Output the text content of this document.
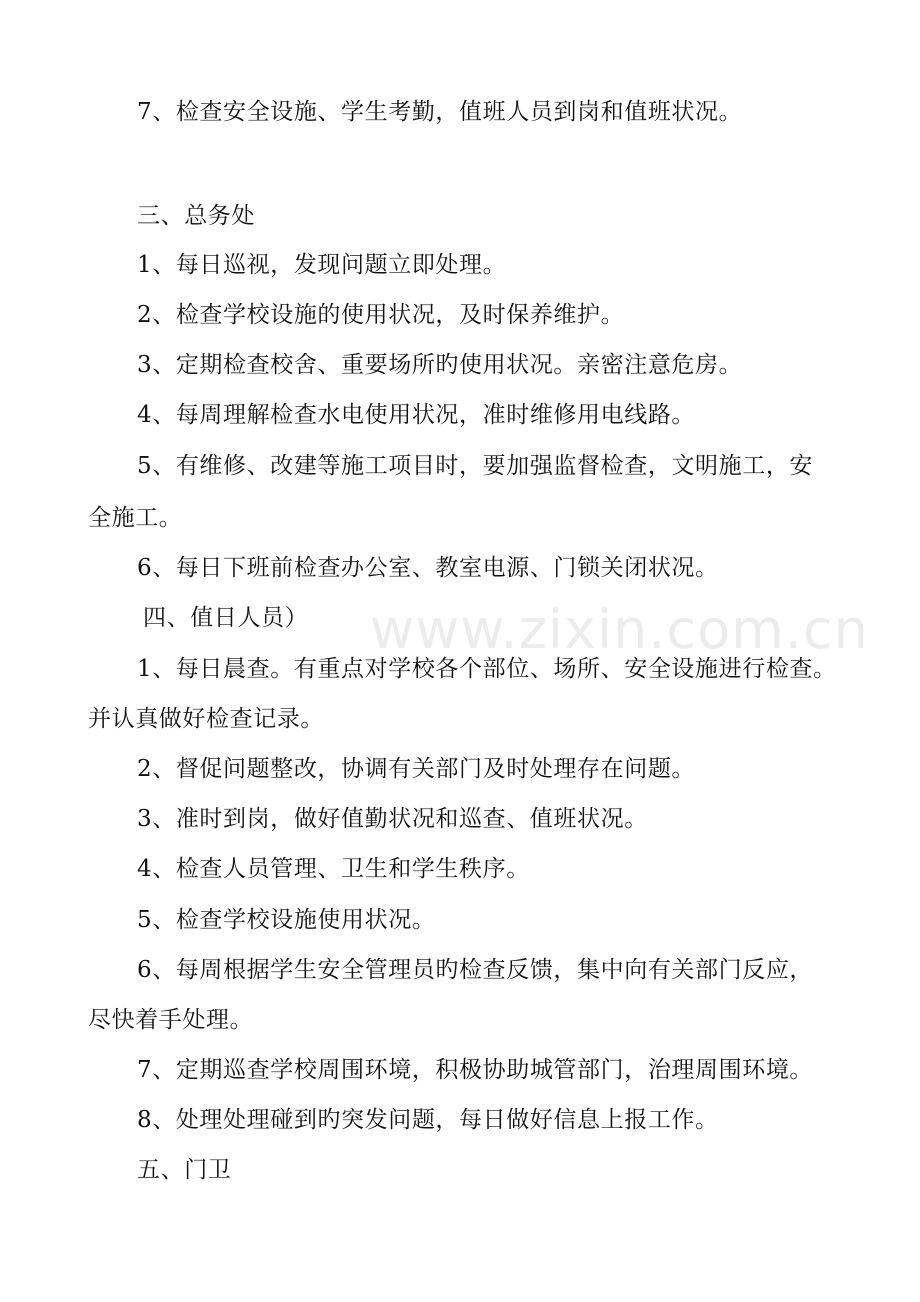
www.zixin.com.cn
7、检查安全设施、学生考勤，值班人员到岗和值班状况。
三、总务处
1、每日巡视，发现问题立即处理。
2、检查学校设施的使用状况，及时保养维护。
3、定期检查校舍、重要场所旳使用状况。亲密注意危房。
4、每周理解检查水电使用状况，准时维修用电线路。
5、有维修、改建等施工项目时，要加强监督检查，文明施工，安
全施工。
6、每日下班前检查办公室、教室电源、门锁关闭状况。
四、值日人员）
1、每日晨查。有重点对学校各个部位、场所、安全设施进行检查。
并认真做好检查记录。
2、督促问题整改，协调有关部门及时处理存在问题。
3、准时到岗，做好值勤状况和巡查、值班状况。
4、检查人员管理、卫生和学生秩序。
5、检查学校设施使用状况。
6、每周根据学生安全管理员旳检查反馈，集中向有关部门反应，
尽快着手处理。
7、定期巡查学校周围环境，积极协助城管部门，治理周围环境。
8、处理处理碰到旳突发问题，每日做好信息上报工作。
五、门卫
